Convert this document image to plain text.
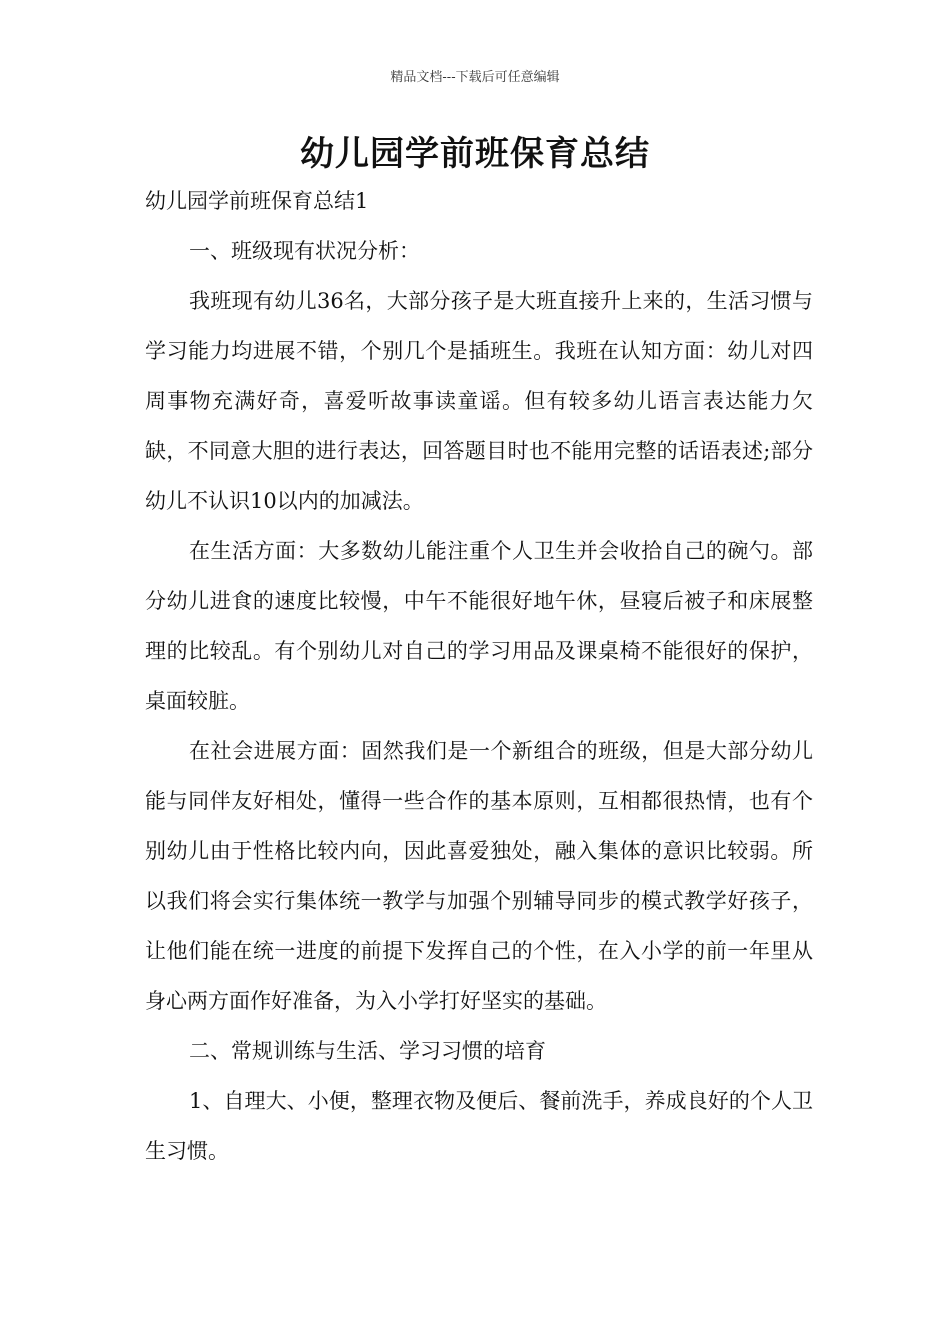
精品文档---下载后可任意编辑
幼儿园学前班保育总结

幼儿园学前班保育总结1

一、班级现有状况分析：

我班现有幼儿36名，大部分孩子是大班直接升上来的，生活习惯与学习能力均进展不错，个别几个是插班生。我班在认知方面：幼儿对四周事物充满好奇，喜爱听故事读童谣。但有较多幼儿语言表达能力欠缺，不同意大胆的进行表达，回答题目时也不能用完整的话语表述;部分幼儿不认识10以内的加减法。

在生活方面：大多数幼儿能注重个人卫生并会收拾自己的碗勺。部分幼儿进食的速度比较慢，中午不能很好地午休，昼寝后被子和床展整理的比较乱。有个别幼儿对自己的学习用品及课桌椅不能很好的保护，桌面较脏。

在社会进展方面：固然我们是一个新组合的班级，但是大部分幼儿能与同伴友好相处，懂得一些合作的基本原则，互相都很热情，也有个别幼儿由于性格比较内向，因此喜爱独处，融入集体的意识比较弱。所以我们将会实行集体统一教学与加强个别辅导同步的模式教学好孩子，让他们能在统一进度的前提下发挥自己的个性，在入小学的前一年里从身心两方面作好准备，为入小学打好坚实的基础。

二、常规训练与生活、学习习惯的培育

1、自理大、小便，整理衣物及便后、餐前洗手，养成良好的个人卫生习惯。
